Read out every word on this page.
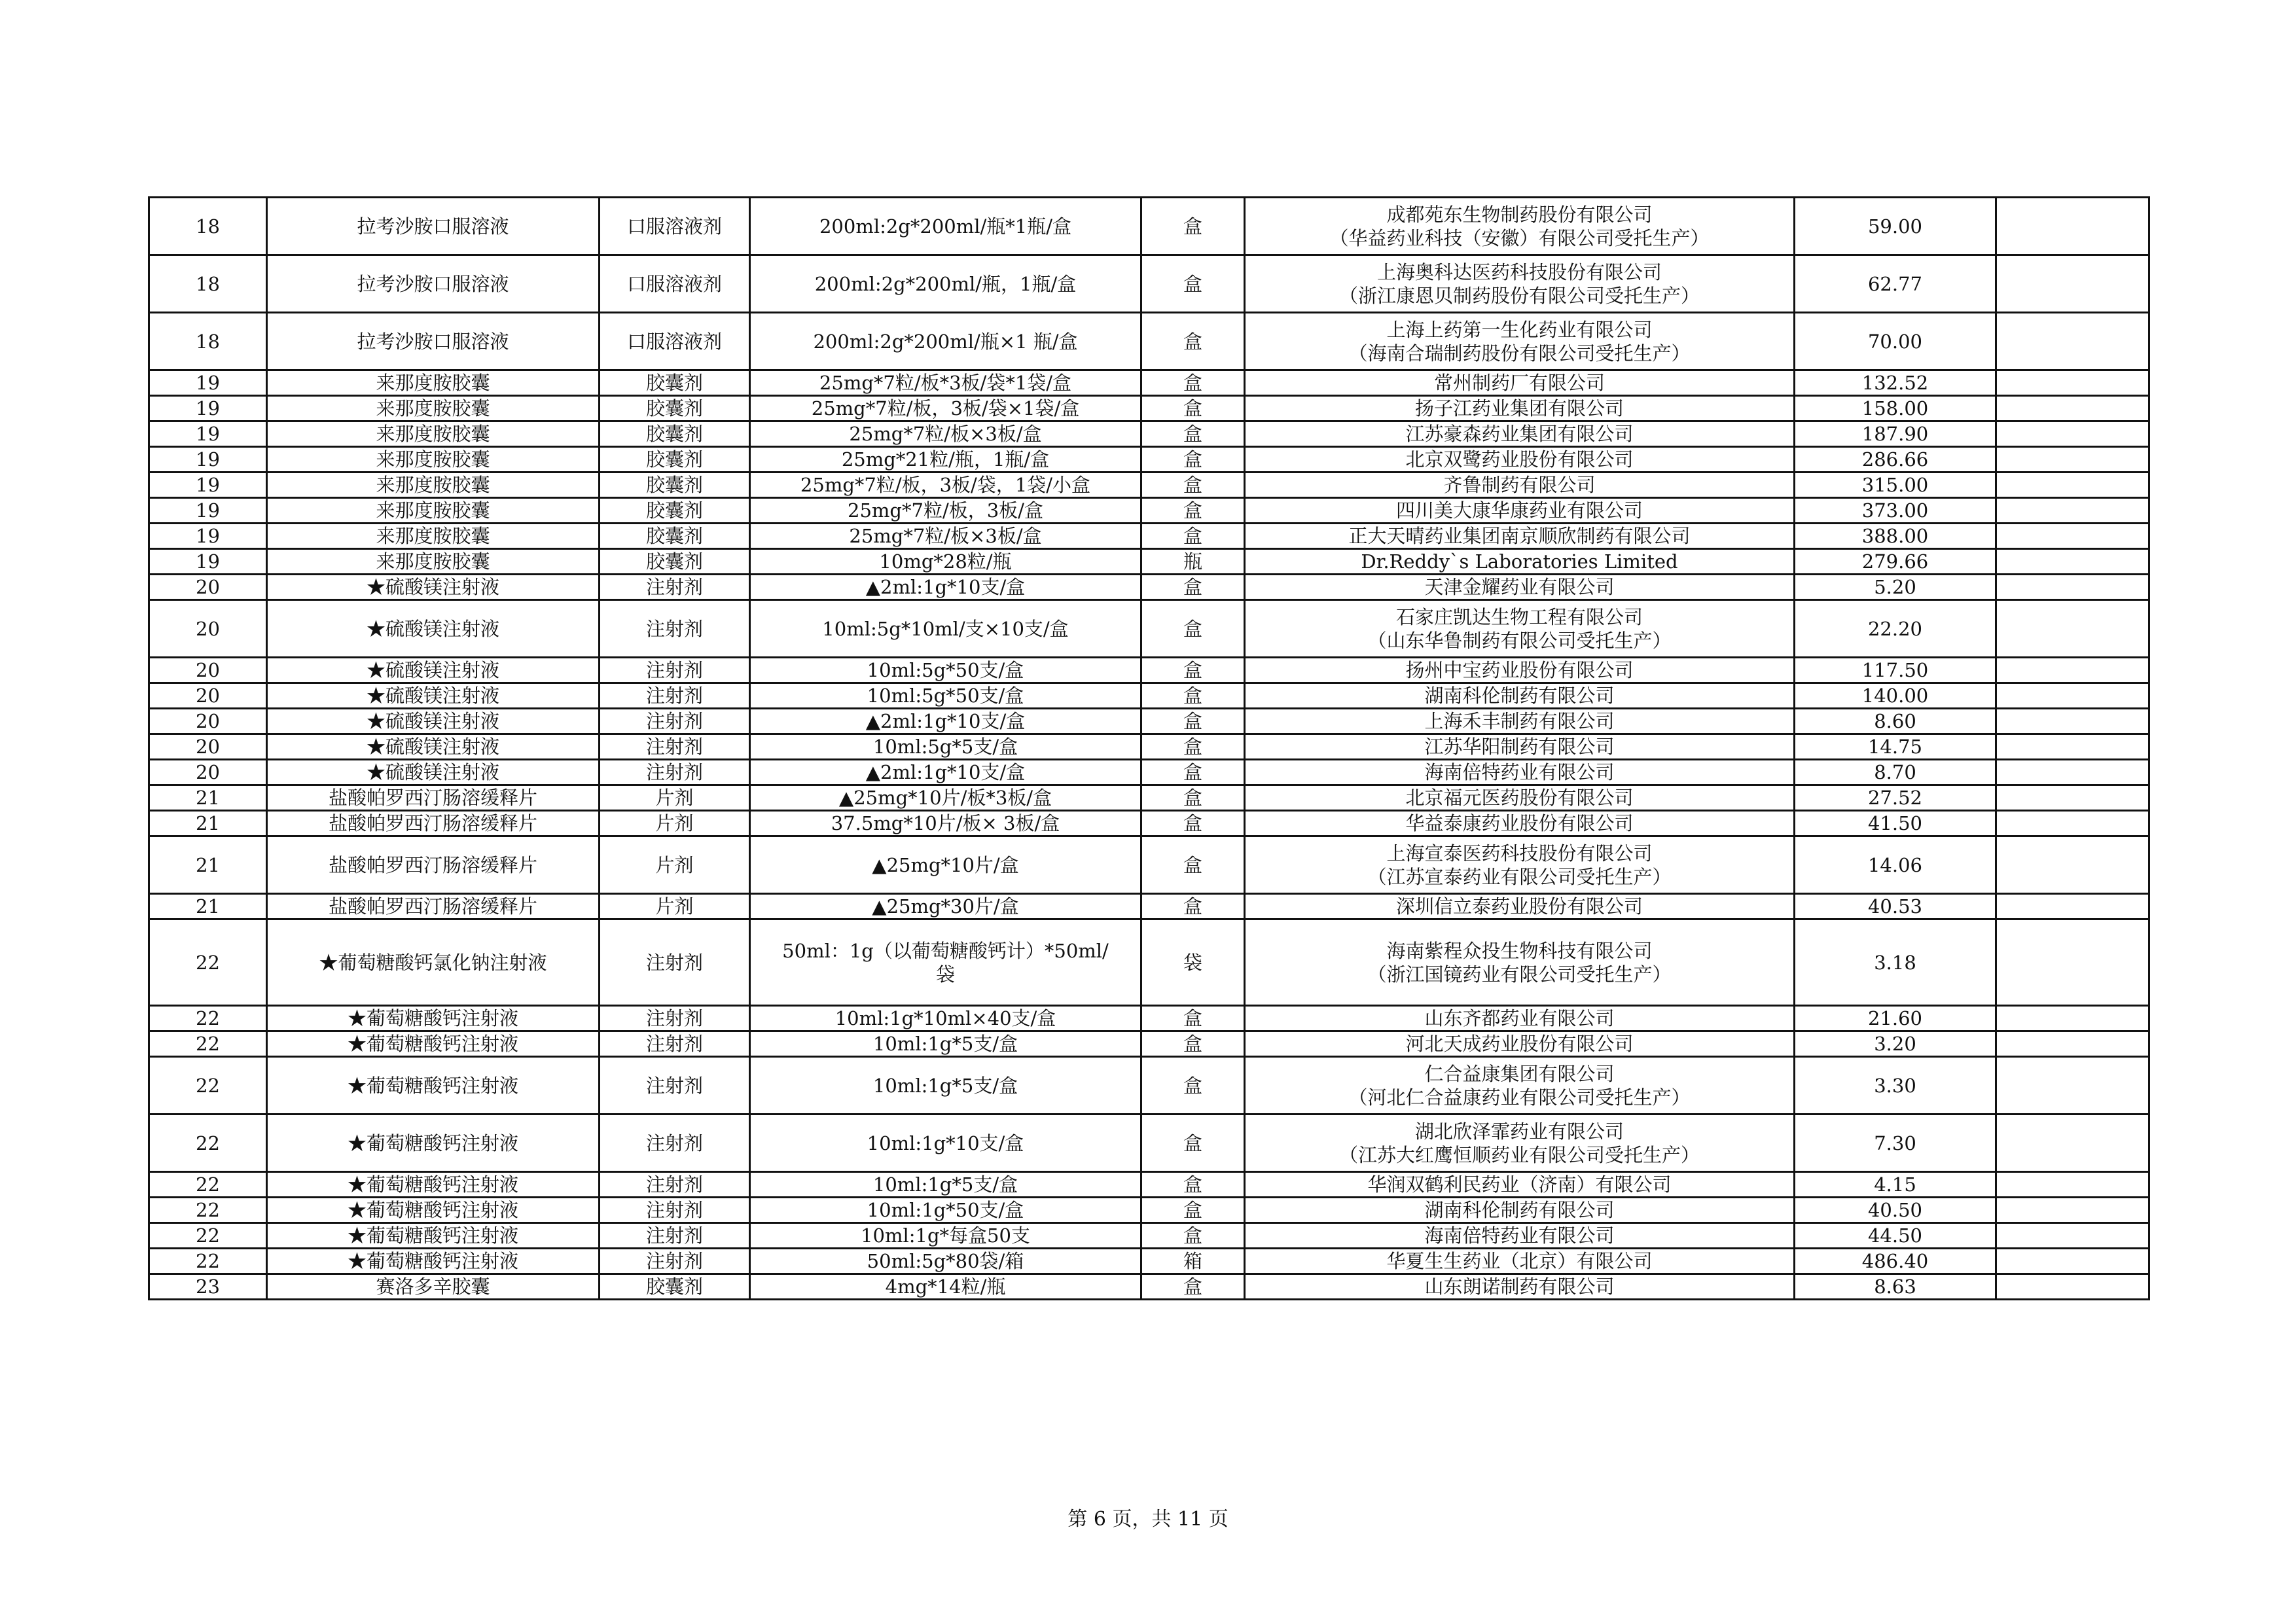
18	拉考沙胺口服溶液	口服溶液剂	200ml:2g*200ml/瓶*1瓶/盒	盒	成都苑东生物制药股份有限公司
（华益药业科技（安徽）有限公司受托生产）	59.00	

18	拉考沙胺口服溶液	口服溶液剂	200ml:2g*200ml/瓶，1瓶/盒	盒	上海奥科达医药科技股份有限公司
（浙江康恩贝制药股份有限公司受托生产）	62.77	

18	拉考沙胺口服溶液	口服溶液剂	200ml:2g*200ml/瓶×1 瓶/盒	盒	上海上药第一生化药业有限公司
（海南合瑞制药股份有限公司受托生产）	70.00	

19	来那度胺胶囊	胶囊剂	25mg*7粒/板*3板/袋*1袋/盒	盒	常州制药厂有限公司	132.52	

19	来那度胺胶囊	胶囊剂	25mg*7粒/板，3板/袋×1袋/盒	盒	扬子江药业集团有限公司	158.00	

19	来那度胺胶囊	胶囊剂	25mg*7粒/板×3板/盒	盒	江苏豪森药业集团有限公司	187.90	

19	来那度胺胶囊	胶囊剂	25mg*21粒/瓶，1瓶/盒	盒	北京双鹭药业股份有限公司	286.66	

19	来那度胺胶囊	胶囊剂	25mg*7粒/板，3板/袋，1袋/小盒	盒	齐鲁制药有限公司	315.00	

19	来那度胺胶囊	胶囊剂	25mg*7粒/板，3板/盒	盒	四川美大康华康药业有限公司	373.00	

19	来那度胺胶囊	胶囊剂	25mg*7粒/板×3板/盒	盒	正大天晴药业集团南京顺欣制药有限公司	388.00	

19	来那度胺胶囊	胶囊剂	10mg*28粒/瓶	瓶	Dr.Reddy`s Laboratories Limited	279.66	

20	★硫酸镁注射液	注射剂	▲2ml:1g*10支/盒	盒	天津金耀药业有限公司	5.20	

20	★硫酸镁注射液	注射剂	10ml:5g*10ml/支×10支/盒	盒	石家庄凯达生物工程有限公司
（山东华鲁制药有限公司受托生产）	22.20	

20	★硫酸镁注射液	注射剂	10ml:5g*50支/盒	盒	扬州中宝药业股份有限公司	117.50	

20	★硫酸镁注射液	注射剂	10ml:5g*50支/盒	盒	湖南科伦制药有限公司	140.00	

20	★硫酸镁注射液	注射剂	▲2ml:1g*10支/盒	盒	上海禾丰制药有限公司	8.60	

20	★硫酸镁注射液	注射剂	10ml:5g*5支/盒	盒	江苏华阳制药有限公司	14.75	

20	★硫酸镁注射液	注射剂	▲2ml:1g*10支/盒	盒	海南倍特药业有限公司	8.70	

21	盐酸帕罗西汀肠溶缓释片	片剂	▲25mg*10片/板*3板/盒	盒	北京福元医药股份有限公司	27.52	

21	盐酸帕罗西汀肠溶缓释片	片剂	37.5mg*10片/板× 3板/盒	盒	华益泰康药业股份有限公司	41.50	

21	盐酸帕罗西汀肠溶缓释片	片剂	▲25mg*10片/盒	盒	上海宣泰医药科技股份有限公司
（江苏宣泰药业有限公司受托生产）	14.06	

21	盐酸帕罗西汀肠溶缓释片	片剂	▲25mg*30片/盒	盒	深圳信立泰药业股份有限公司	40.53	

22	★葡萄糖酸钙氯化钠注射液	注射剂	50ml：1g（以葡萄糖酸钙计）*50ml/
袋	袋	海南紫程众投生物科技有限公司
（浙江国镜药业有限公司受托生产）	3.18	

22	★葡萄糖酸钙注射液	注射剂	10ml:1g*10ml×40支/盒	盒	山东齐都药业有限公司	21.60	

22	★葡萄糖酸钙注射液	注射剂	10ml:1g*5支/盒	盒	河北天成药业股份有限公司	3.20	

22	★葡萄糖酸钙注射液	注射剂	10ml:1g*5支/盒	盒	仁合益康集团有限公司
（河北仁合益康药业有限公司受托生产）	3.30	

22	★葡萄糖酸钙注射液	注射剂	10ml:1g*10支/盒	盒	湖北欣泽霏药业有限公司
（江苏大红鹰恒顺药业有限公司受托生产）	7.30	

22	★葡萄糖酸钙注射液	注射剂	10ml:1g*5支/盒	盒	华润双鹤利民药业（济南）有限公司	4.15	

22	★葡萄糖酸钙注射液	注射剂	10ml:1g*50支/盒	盒	湖南科伦制药有限公司	40.50	

22	★葡萄糖酸钙注射液	注射剂	10ml:1g*每盒50支	盒	海南倍特药业有限公司	44.50	

22	★葡萄糖酸钙注射液	注射剂	50ml:5g*80袋/箱	箱	华夏生生药业（北京）有限公司	486.40	

23	赛洛多辛胶囊	胶囊剂	4mg*14粒/瓶	盒	山东朗诺制药有限公司	8.63	

第 6 页，共 11 页
